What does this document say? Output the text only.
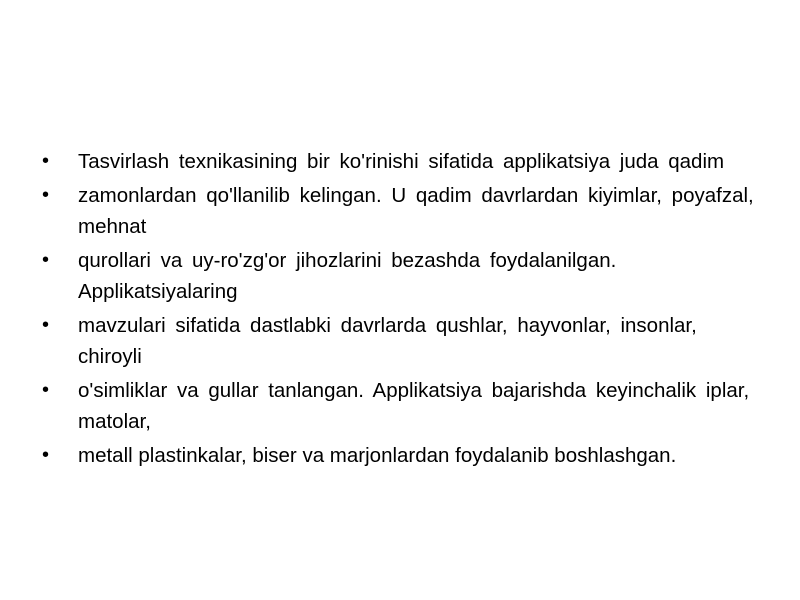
•	Tasvirlash texnikasining bir ko'rinishi sifatida applikatsiya juda qadim
•	zamonlardan qo'llanilib kelingan. U qadim davrlardan kiyimlar, poyafzal, mehnat
•	qurollari va uy-ro'zg'or jihozlarini bezashda foydalanilgan. Applikatsiyalaring
•	mavzulari sifatida dastlabki davrlarda qushlar, hayvonlar, insonlar, chiroyli
•	o'simliklar va gullar tanlangan. Applikatsiya bajarishda keyinchalik iplar, matolar,
•	metall plastinkalar, biser va marjonlardan foydalanib boshlashgan.
